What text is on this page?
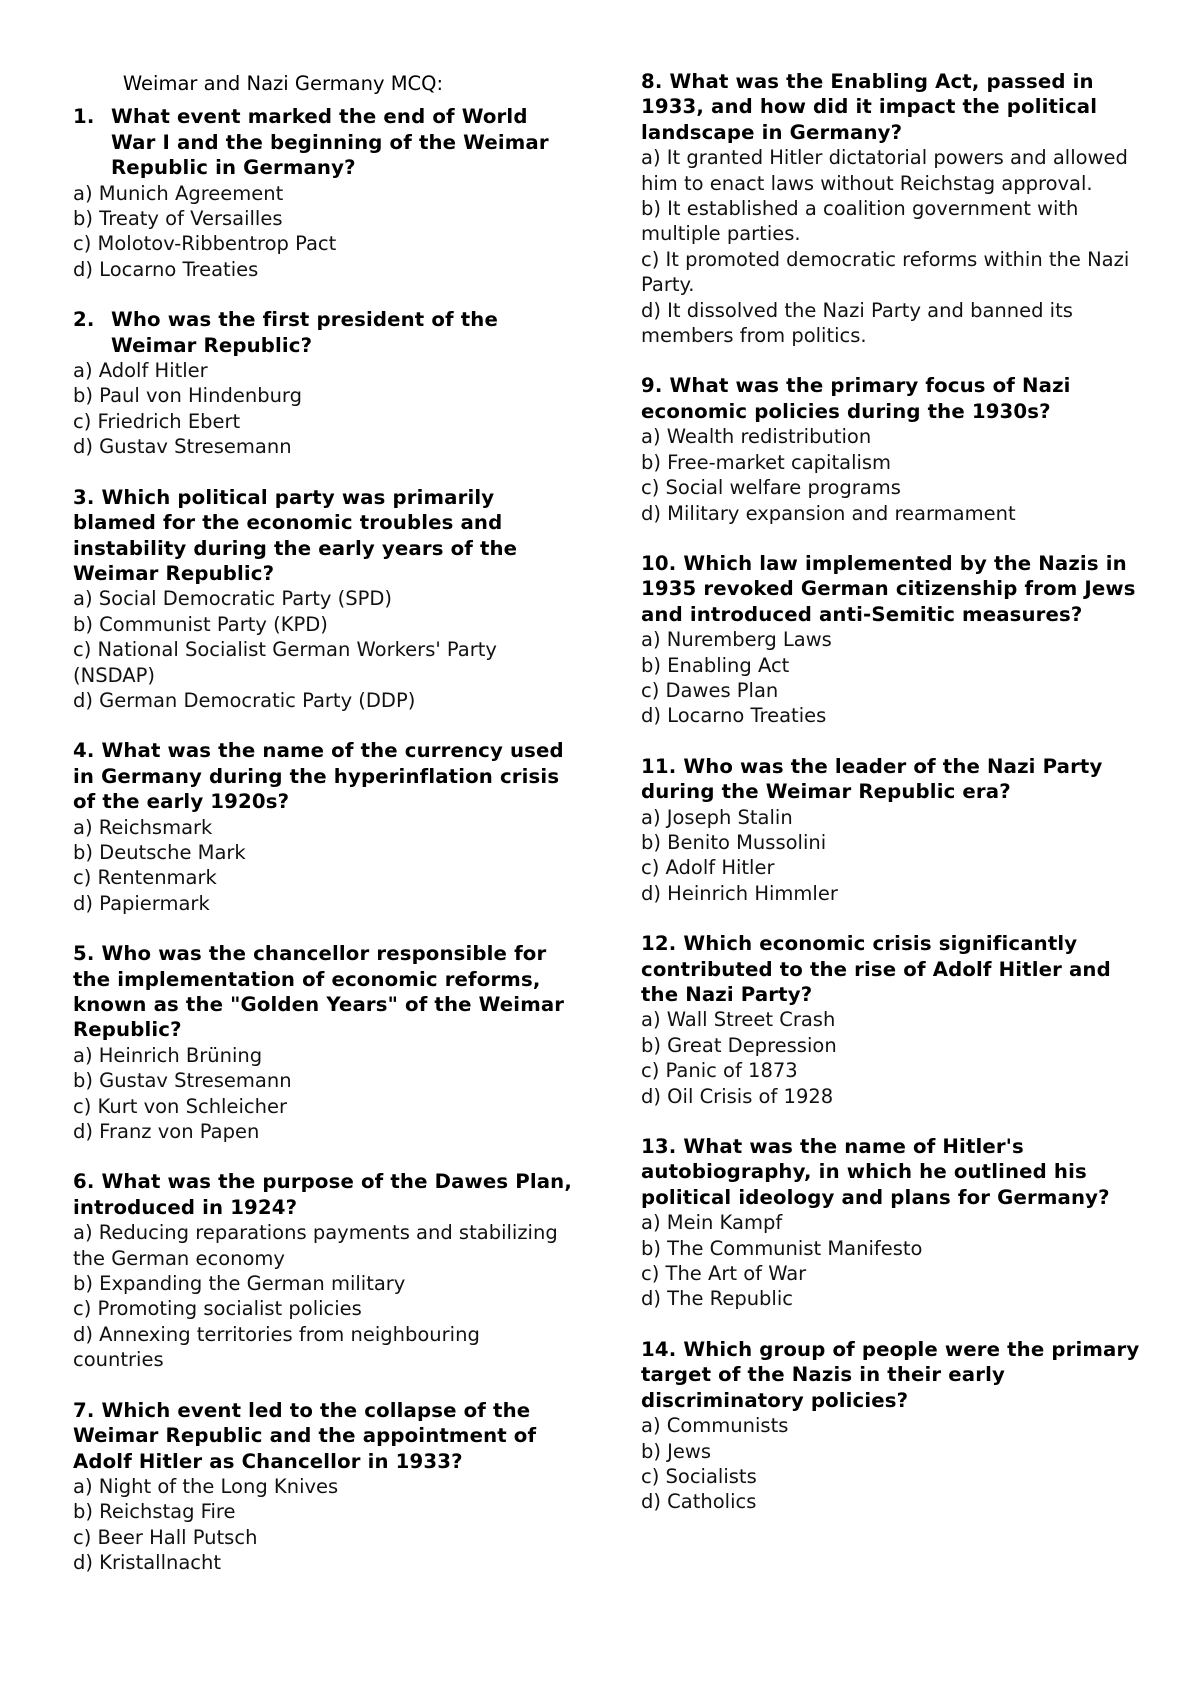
Weimar and Nazi Germany MCQ:
1. What event marked the end of World War I and the beginning of the Weimar Republic in Germany?
a) Munich Agreement
b) Treaty of Versailles
c) Molotov-Ribbentrop Pact
d) Locarno Treaties
2. Who was the first president of the Weimar Republic?
a) Adolf Hitler
b) Paul von Hindenburg
c) Friedrich Ebert
d) Gustav Stresemann

3. Which political party was primarily blamed for the economic troubles and instability during the early years of the Weimar Republic?

a) Social Democratic Party (SPD)
b) Communist Party (KPD)
c) National Socialist German Workers' Party (NSDAP)
d) German Democratic Party (DDP)

4. What was the name of the currency used in Germany during the hyperinflation crisis of the early 1920s?

a) Reichsmark
b) Deutsche Mark
c) Rentenmark
d) Papiermark

5. Who was the chancellor responsible for the implementation of economic reforms, known as the "Golden Years" of the Weimar Republic?

a) Heinrich Brüning
b) Gustav Stresemann
c) Kurt von Schleicher
d) Franz von Papen

6. What was the purpose of the Dawes Plan, introduced in 1924?

a) Reducing reparations payments and stabilizing the German economy
b) Expanding the German military
c) Promoting socialist policies
d) Annexing territories from neighbouring countries

7. Which event led to the collapse of the Weimar Republic and the appointment of Adolf Hitler as Chancellor in 1933?

a) Night of the Long Knives
b) Reichstag Fire
c) Beer Hall Putsch
d) Kristallnacht

8. What was the Enabling Act, passed in 1933, and how did it impact the political landscape in Germany?

a) It granted Hitler dictatorial powers and allowed him to enact laws without Reichstag approval.
b) It established a coalition government with multiple parties.
c) It promoted democratic reforms within the Nazi Party.
d) It dissolved the Nazi Party and banned its members from politics.

9. What was the primary focus of Nazi economic policies during the 1930s?

a) Wealth redistribution
b) Free-market capitalism
c) Social welfare programs
d) Military expansion and rearmament

10. Which law implemented by the Nazis in 1935 revoked German citizenship from Jews and introduced anti-Semitic measures?

a) Nuremberg Laws
b) Enabling Act
c) Dawes Plan
d) Locarno Treaties

11. Who was the leader of the Nazi Party during the Weimar Republic era?

a) Joseph Stalin
b) Benito Mussolini
c) Adolf Hitler
d) Heinrich Himmler

12. Which economic crisis significantly contributed to the rise of Adolf Hitler and the Nazi Party?

a) Wall Street Crash
b) Great Depression
c) Panic of 1873
d) Oil Crisis of 1928

13. What was the name of Hitler's autobiography, in which he outlined his political ideology and plans for Germany?

a) Mein Kampf
b) The Communist Manifesto
c) The Art of War
d) The Republic

14. Which group of people were the primary target of the Nazis in their early discriminatory policies?

a) Communists
b) Jews
c) Socialists
d) Catholics
